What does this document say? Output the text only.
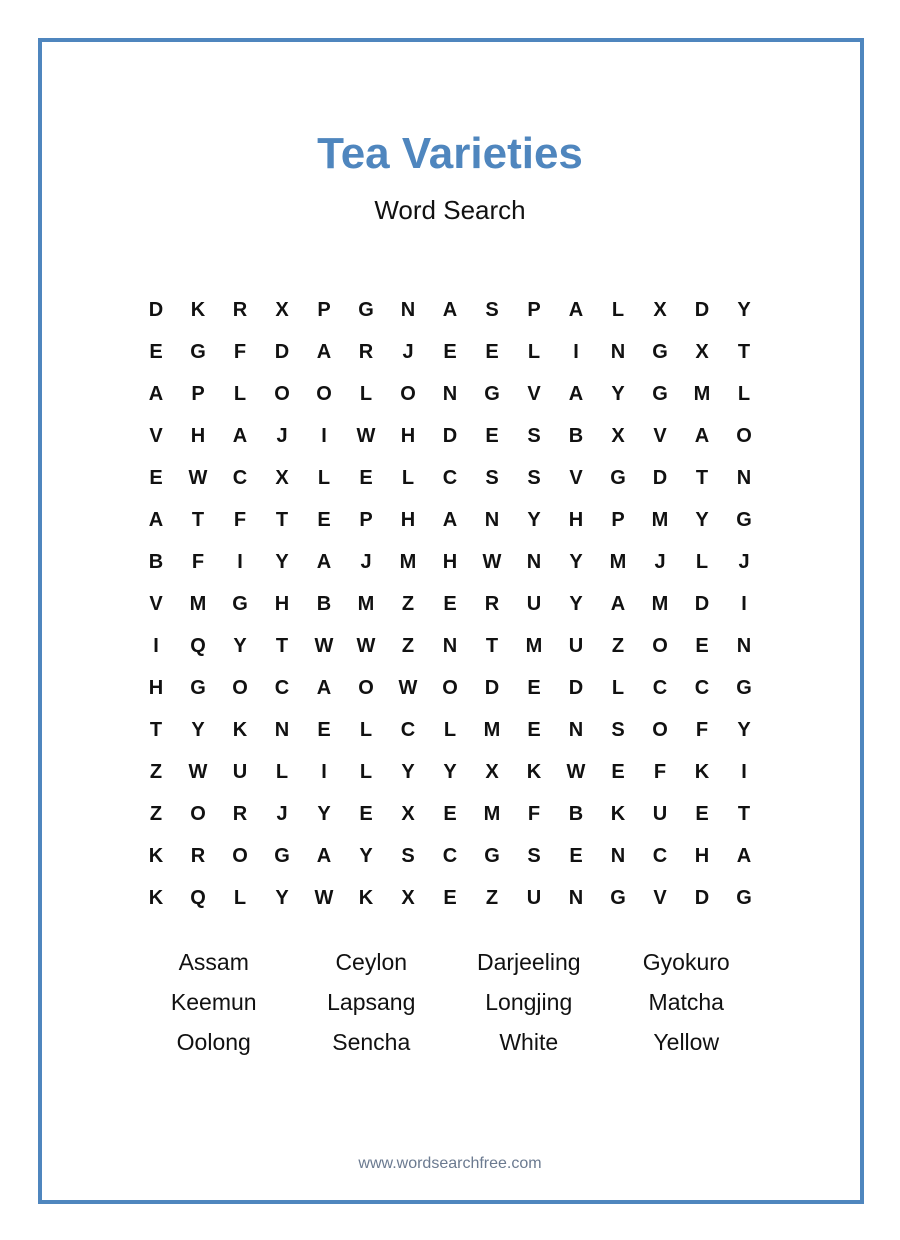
Tea Varieties
Word Search
D	K	R	X	P	G	N	A	S	P	A	L	X	D	Y
E	G	F	D	A	R	J	E	E	L	I	N	G	X	T
A	P	L	O	O	L	O	N	G	V	A	Y	G	M	L
V	H	A	J	I	W	H	D	E	S	B	X	V	A	O
E	W	C	X	L	E	L	C	S	S	V	G	D	T	N
A	T	F	T	E	P	H	A	N	Y	H	P	M	Y	G
B	F	I	Y	A	J	M	H	W	N	Y	M	J	L	J
V	M	G	H	B	M	Z	E	R	U	Y	A	M	D	I
I	Q	Y	T	W	W	Z	N	T	M	U	Z	O	E	N
H	G	O	C	A	O	W	O	D	E	D	L	C	C	G
T	Y	K	N	E	L	C	L	M	E	N	S	O	F	Y
Z	W	U	L	I	L	Y	Y	X	K	W	E	F	K	I
Z	O	R	J	Y	E	X	E	M	F	B	K	U	E	T
K	R	O	G	A	Y	S	C	G	S	E	N	C	H	A
K	Q	L	Y	W	K	X	E	Z	U	N	G	V	D	G
Assam	Ceylon	Darjeeling	Gyokuro
Keemun	Lapsang	Longjing	Matcha
Oolong	Sencha	White	Yellow
www.wordsearchfree.com
